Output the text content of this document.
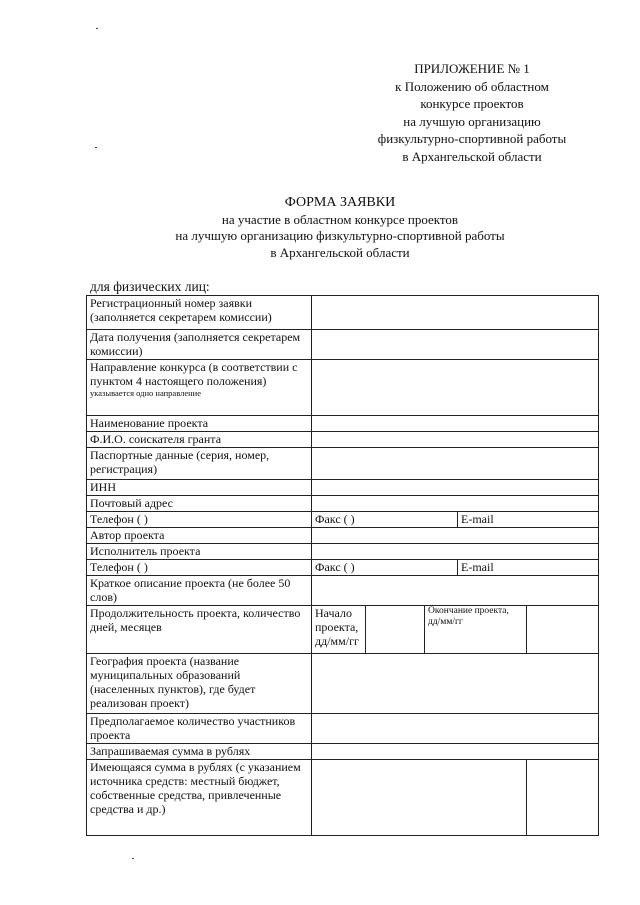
ПРИЛОЖЕНИЕ № 1
к Положению об областном
конкурсе проектов
на лучшую организацию
физкультурно-спортивной работы
в Архангельской области
ФОРМА ЗАЯВКИ
на участие в областном конкурсе проектов
на лучшую организацию физкультурно-спортивной работы
в Архангельской области
для физических лиц:
Регистрационный номер заявки (заполняется секретарем комиссии)					
Дата получения (заполняется секретарем комиссии)					
Направление конкурса (в соответствии с пунктом 4 настоящего положения)
указывается одно направление					

Наименование проекта					
Ф.И.О. соискателя гранта					
Паспортные данные (серия, номер, регистрация)					
ИНН					
Почтовый адрес					
Телефон ( )	Факс ( )			E-mail	
Автор проекта					
Исполнитель проекта					
Телефон ( )	Факс ( )			E-mail	
Краткое описание проекта (не более 50 слов)					
Продолжительность проекта, количество дней, месяцев	Начало проекта, дд/мм/гг		Окончание проекта, дд/мм/гг		
География проекта (название муниципальных образований (населенных пунктов), где будет реализован проект)					
Предполагаемое количество участников проекта					
Запрашиваемая сумма в рублях					
Имеющаяся сумма в рублях (с указанием источника средств: местный бюджет, собственные средства, привлеченные средства и др.)					
